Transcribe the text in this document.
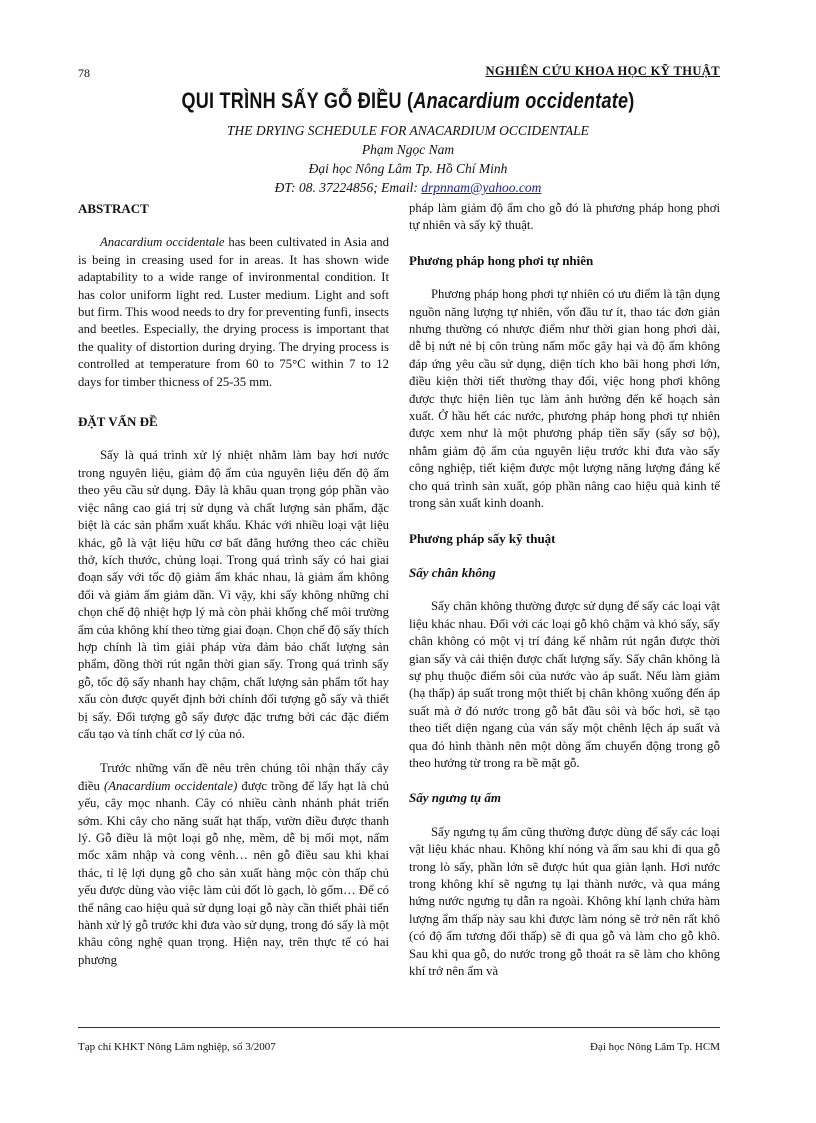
78	NGHIÊN CỨU KHOA HỌC KỸ THUẬT
QUI TRÌNH SẤY GỖ ĐIỀU (Anacardium occidentate)
THE DRYING SCHEDULE FOR ANACARDIUM OCCIDENTALE
Phạm Ngọc Nam
Đại học Nông Lâm Tp. Hồ Chí Minh
ĐT: 08. 37224856; Email: drpnnam@yahoo.com
ABSTRACT

Anacardium occidentale has been cultivated in Asia and is being in creasing used for in areas. It has shown wide adaptability to a wide range of invironmental condition. It has color uniform light red. Luster medium. Light and soft but firm. This wood needs to dry for preventing funfi, insects and beetles. Especially, the drying process is important that the quality of distortion during drying. The drying process is controlled at temperature from 60 to 75°C within 7 to 12 days for timber thicness of 25-35 mm.

ĐẶT VẤN ĐỀ

Sấy là quá trình xử lý nhiệt nhằm làm bay hơi nước trong nguyên liệu, giảm độ ẩm của nguyên liệu đến độ ẩm theo yêu cầu sử dụng. Đây là khâu quan trọng góp phần vào việc nâng cao giá trị sử dụng và chất lượng sản phẩm, đặc biệt là các sản phẩm xuất khẩu. Khác với nhiều loại vật liệu khác, gỗ là vật liệu hữu cơ bất đẳng hướng theo các chiều thớ, kích thước, chủng loại. Trong quá trình sấy có hai giai đoạn sấy với tốc độ giảm ẩm khác nhau, là giảm ẩm không đổi và giảm ẩm giảm dần. Vì vậy, khi sấy không những chỉ chọn chế độ nhiệt hợp lý mà còn phải khống chế môi trường ẩm của không khí theo từng giai đoạn. Chọn chế độ sấy thích hợp chính là tìm giải pháp vừa đảm bảo chất lượng sản phẩm, đồng thời rút ngắn thời gian sấy. Trong quá trình sấy gỗ, tốc độ sấy nhanh hay chậm, chất lượng sản phẩm tốt hay xấu còn được quyết định bởi chính đối tượng gỗ sấy và thiết bị sấy. Đối tượng gỗ sấy được đặc trưng bởi các đặc điểm cấu tạo và tính chất cơ lý của nó.

Trước những vấn đề nêu trên chúng tôi nhận thấy cây điều (Anacardium occidentale) được trồng để lấy hạt là chủ yếu, cây mọc nhanh. Cây có nhiều cành nhánh phát triển sớm. Khi cây cho năng suất hạt thấp, vườn điều được thanh lý. Gỗ điều là một loại gỗ nhẹ, mềm, dễ bị mối mọt, nấm mốc xâm nhập và cong vênh… nên gỗ điều sau khi khai thác, tỉ lệ lợi dụng gỗ cho sản xuất hàng mộc còn thấp chủ yếu được dùng vào việc làm củi đốt lò gạch, lò gốm… Để có thể nâng cao hiệu quả sử dụng loại gỗ này cần thiết phải tiến hành xử lý gỗ trước khi đưa vào sử dụng, trong đó sấy là một khâu công nghệ quan trọng. Hiện nay, trên thực tế có hai phương

pháp làm giảm độ ẩm cho gỗ đó là phương pháp hong phơi tự nhiên và sấy kỹ thuật.

Phương pháp hong phơi tự nhiên

Phương pháp hong phơi tự nhiên có ưu điểm là tận dụng nguồn năng lượng tự nhiên, vốn đầu tư ít, thao tác đơn giản nhưng thường có nhược điểm như thời gian hong phơi dài, dễ bị nứt nẻ bị côn trùng nấm mốc gây hại và độ ẩm không đáp ứng yêu cầu sử dụng, diện tích kho bãi hong phơi lớn, điều kiện thời tiết thường thay đổi, việc hong phơi không được thực hiện liên tục làm ảnh hưởng đến kế hoạch sản xuất. Ở hầu hết các nước, phương pháp hong phơi tự nhiên được xem như là một phương pháp tiền sấy (sấy sơ bộ), nhằm giảm độ ẩm của nguyên liệu trước khi đưa vào sấy công nghiệp, tiết kiệm được một lượng năng lượng đáng kể cho quá trình sản xuất, góp phần nâng cao hiệu quả kinh tế trong sản xuất kinh doanh.

Phương pháp sấy kỹ thuật
Sấy chân không

Sấy chân không thường được sử dụng để sấy các loại vật liệu khác nhau. Đối với các loại gỗ khô chậm và khó sấy, sấy chân không có một vị trí đáng kể nhằm rút ngắn được thời gian sấy và cải thiện được chất lượng sấy. Sấy chân không là sự phụ thuộc điểm sôi của nước vào áp suất. Nếu làm giảm (hạ thấp) áp suất trong một thiết bị chân không xuống đến áp suất mà ở đó nước trong gỗ bắt đầu sôi và bốc hơi, sẽ tạo theo tiết diện ngang của ván sấy một chênh lệch áp suất và qua đó hình thành nên một dòng ẩm chuyển động trong gỗ theo hướng từ trong ra bề mặt gỗ.

Sấy ngưng tụ ẩm

Sấy ngưng tụ ẩm cũng thường được dùng để sấy các loại vật liệu khác nhau. Không khí nóng và ẩm sau khi đi qua gỗ trong lò sấy, phần lớn sẽ được hút qua giàn lạnh. Hơi nước trong không khí sẽ ngưng tụ lại thành nước, và qua máng hứng nước ngưng tụ dẫn ra ngoài. Không khí lạnh chứa hàm lượng ẩm thấp này sau khi được làm nóng sẽ trở nên rất khô (có độ ẩm tương đối thấp) sẽ đi qua gỗ và làm cho gỗ khô. Sau khi qua gỗ, do nước trong gỗ thoát ra sẽ làm cho không khí trở nên ẩm và

Tạp chí KHKT Nông Lâm nghiệp, số 3/2007	Đại học Nông Lâm Tp. HCM
